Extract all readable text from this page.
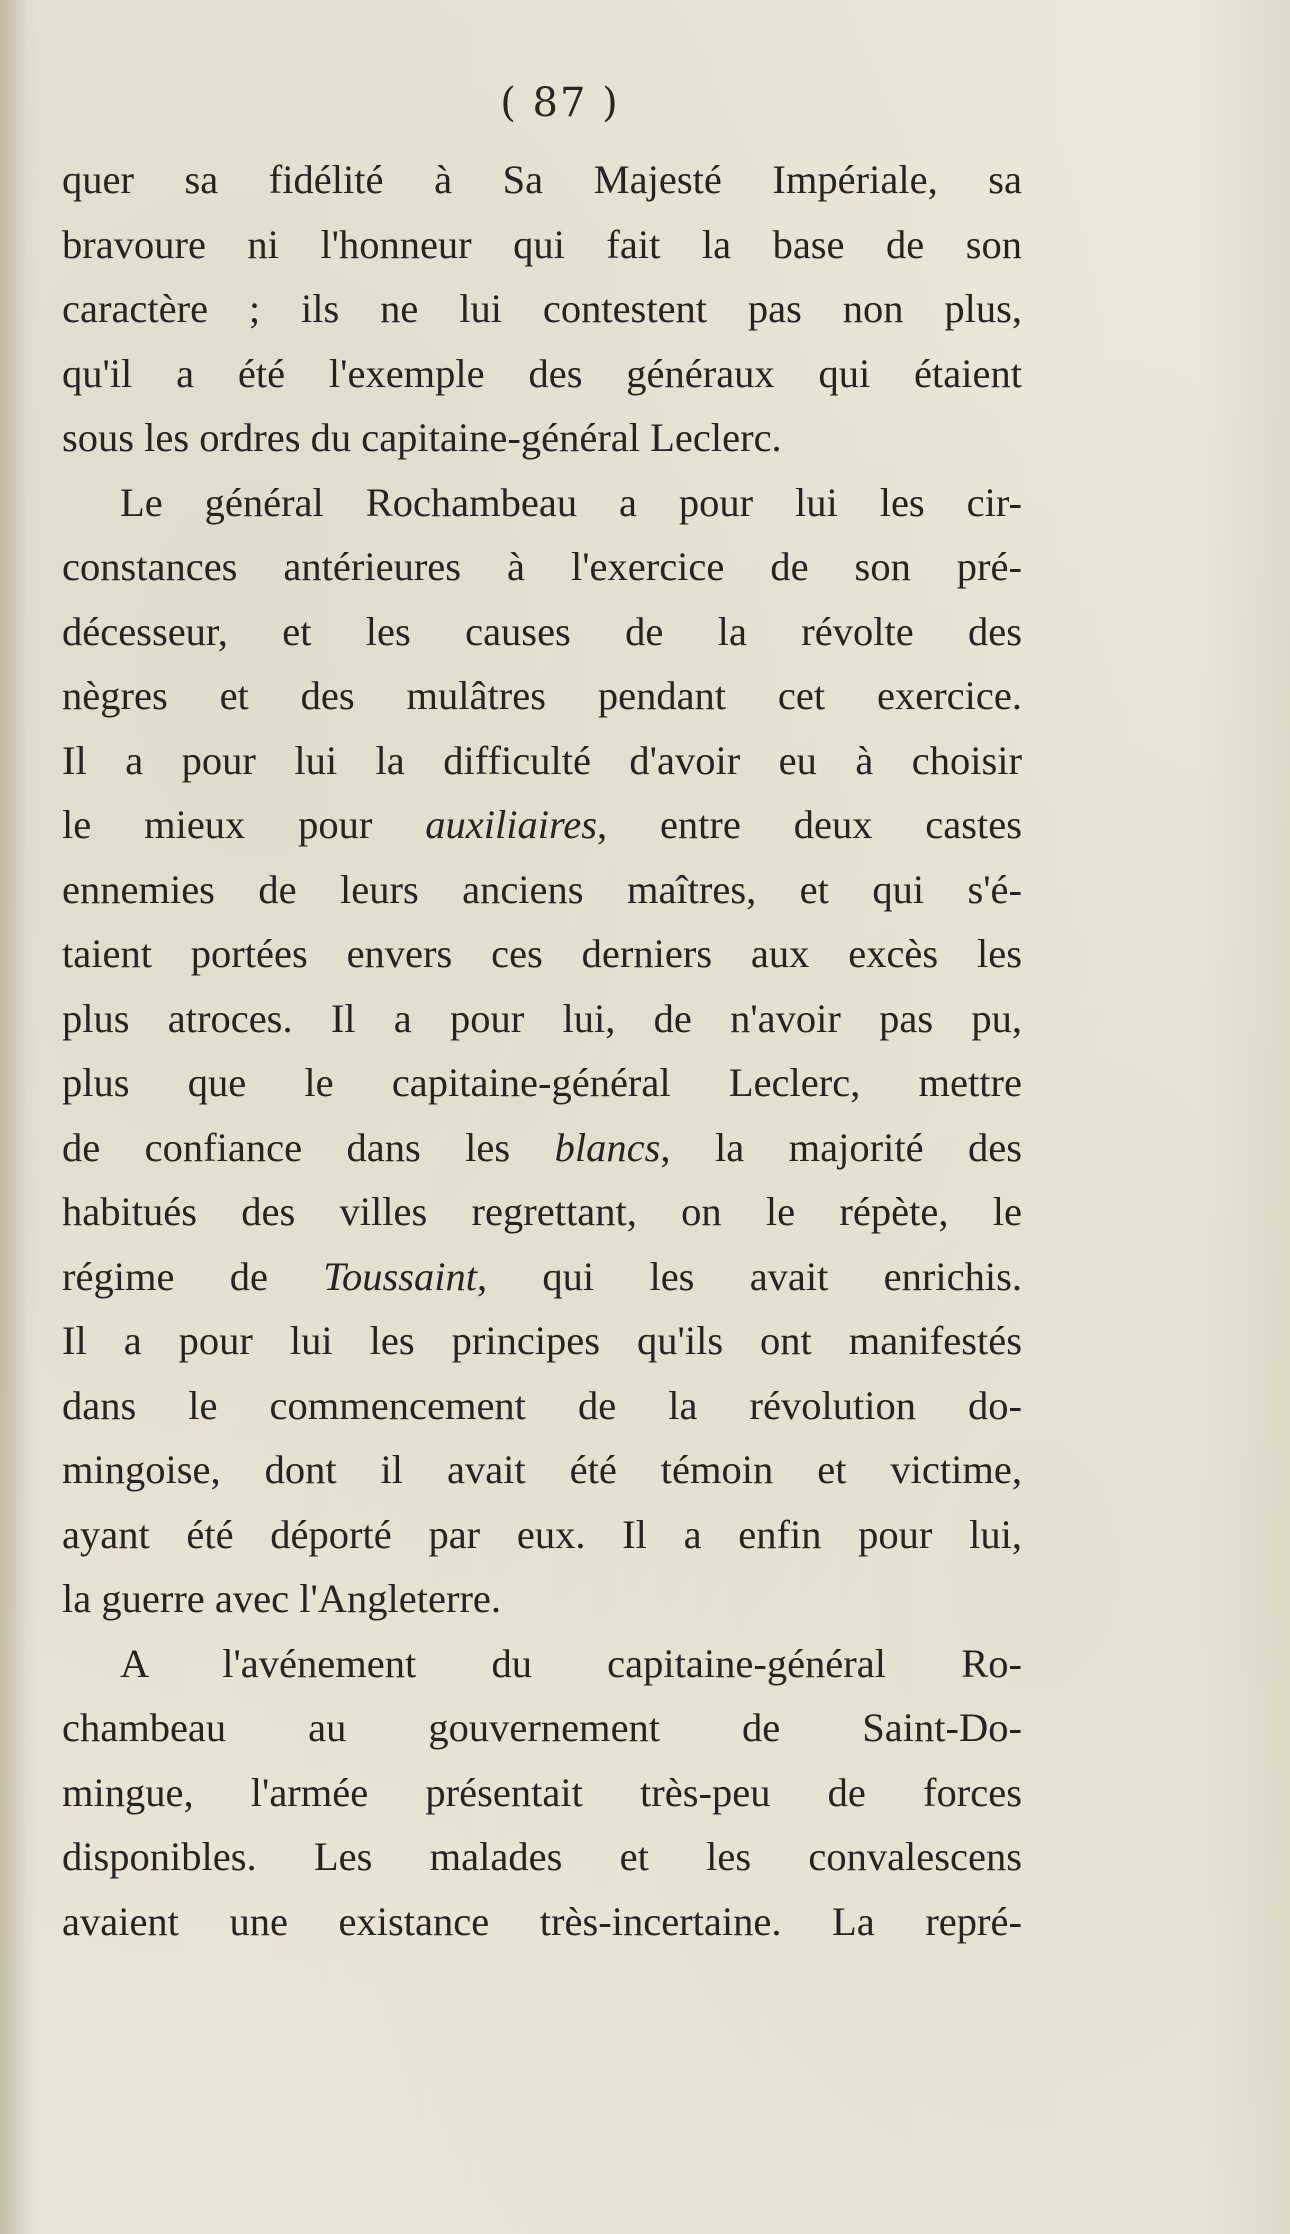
( 87 )
quer sa fidélité à Sa Majesté Impériale, sa
bravoure ni l'honneur qui fait la base de son
caractère ; ils ne lui contestent pas non plus,
qu'il a été l'exemple des généraux qui étaient
sous les ordres du capitaine-général Leclerc.
Le général Rochambeau a pour lui les cir-
constances antérieures à l'exercice de son pré-
décesseur, et les causes de la révolte des
nègres et des mulâtres pendant cet exercice.
Il a pour lui la difficulté d'avoir eu à choisir
le mieux pour auxiliaires, entre deux castes
ennemies de leurs anciens maîtres, et qui s'é-
taient portées envers ces derniers aux excès les
plus atroces. Il a pour lui, de n'avoir pas pu,
plus que le capitaine-général Leclerc, mettre
de confiance dans les blancs, la majorité des
habitués des villes regrettant, on le répète, le
régime de Toussaint, qui les avait enrichis.
Il a pour lui les principes qu'ils ont manifestés
dans le commencement de la révolution do-
mingoise, dont il avait été témoin et victime,
ayant été déporté par eux. Il a enfin pour lui,
la guerre avec l'Angleterre.
A l'avénement du capitaine-général Ro-
chambeau au gouvernement de Saint-Do-
mingue, l'armée présentait très-peu de forces
disponibles. Les malades et les convalescens
avaient une existance très-incertaine. La repré-
